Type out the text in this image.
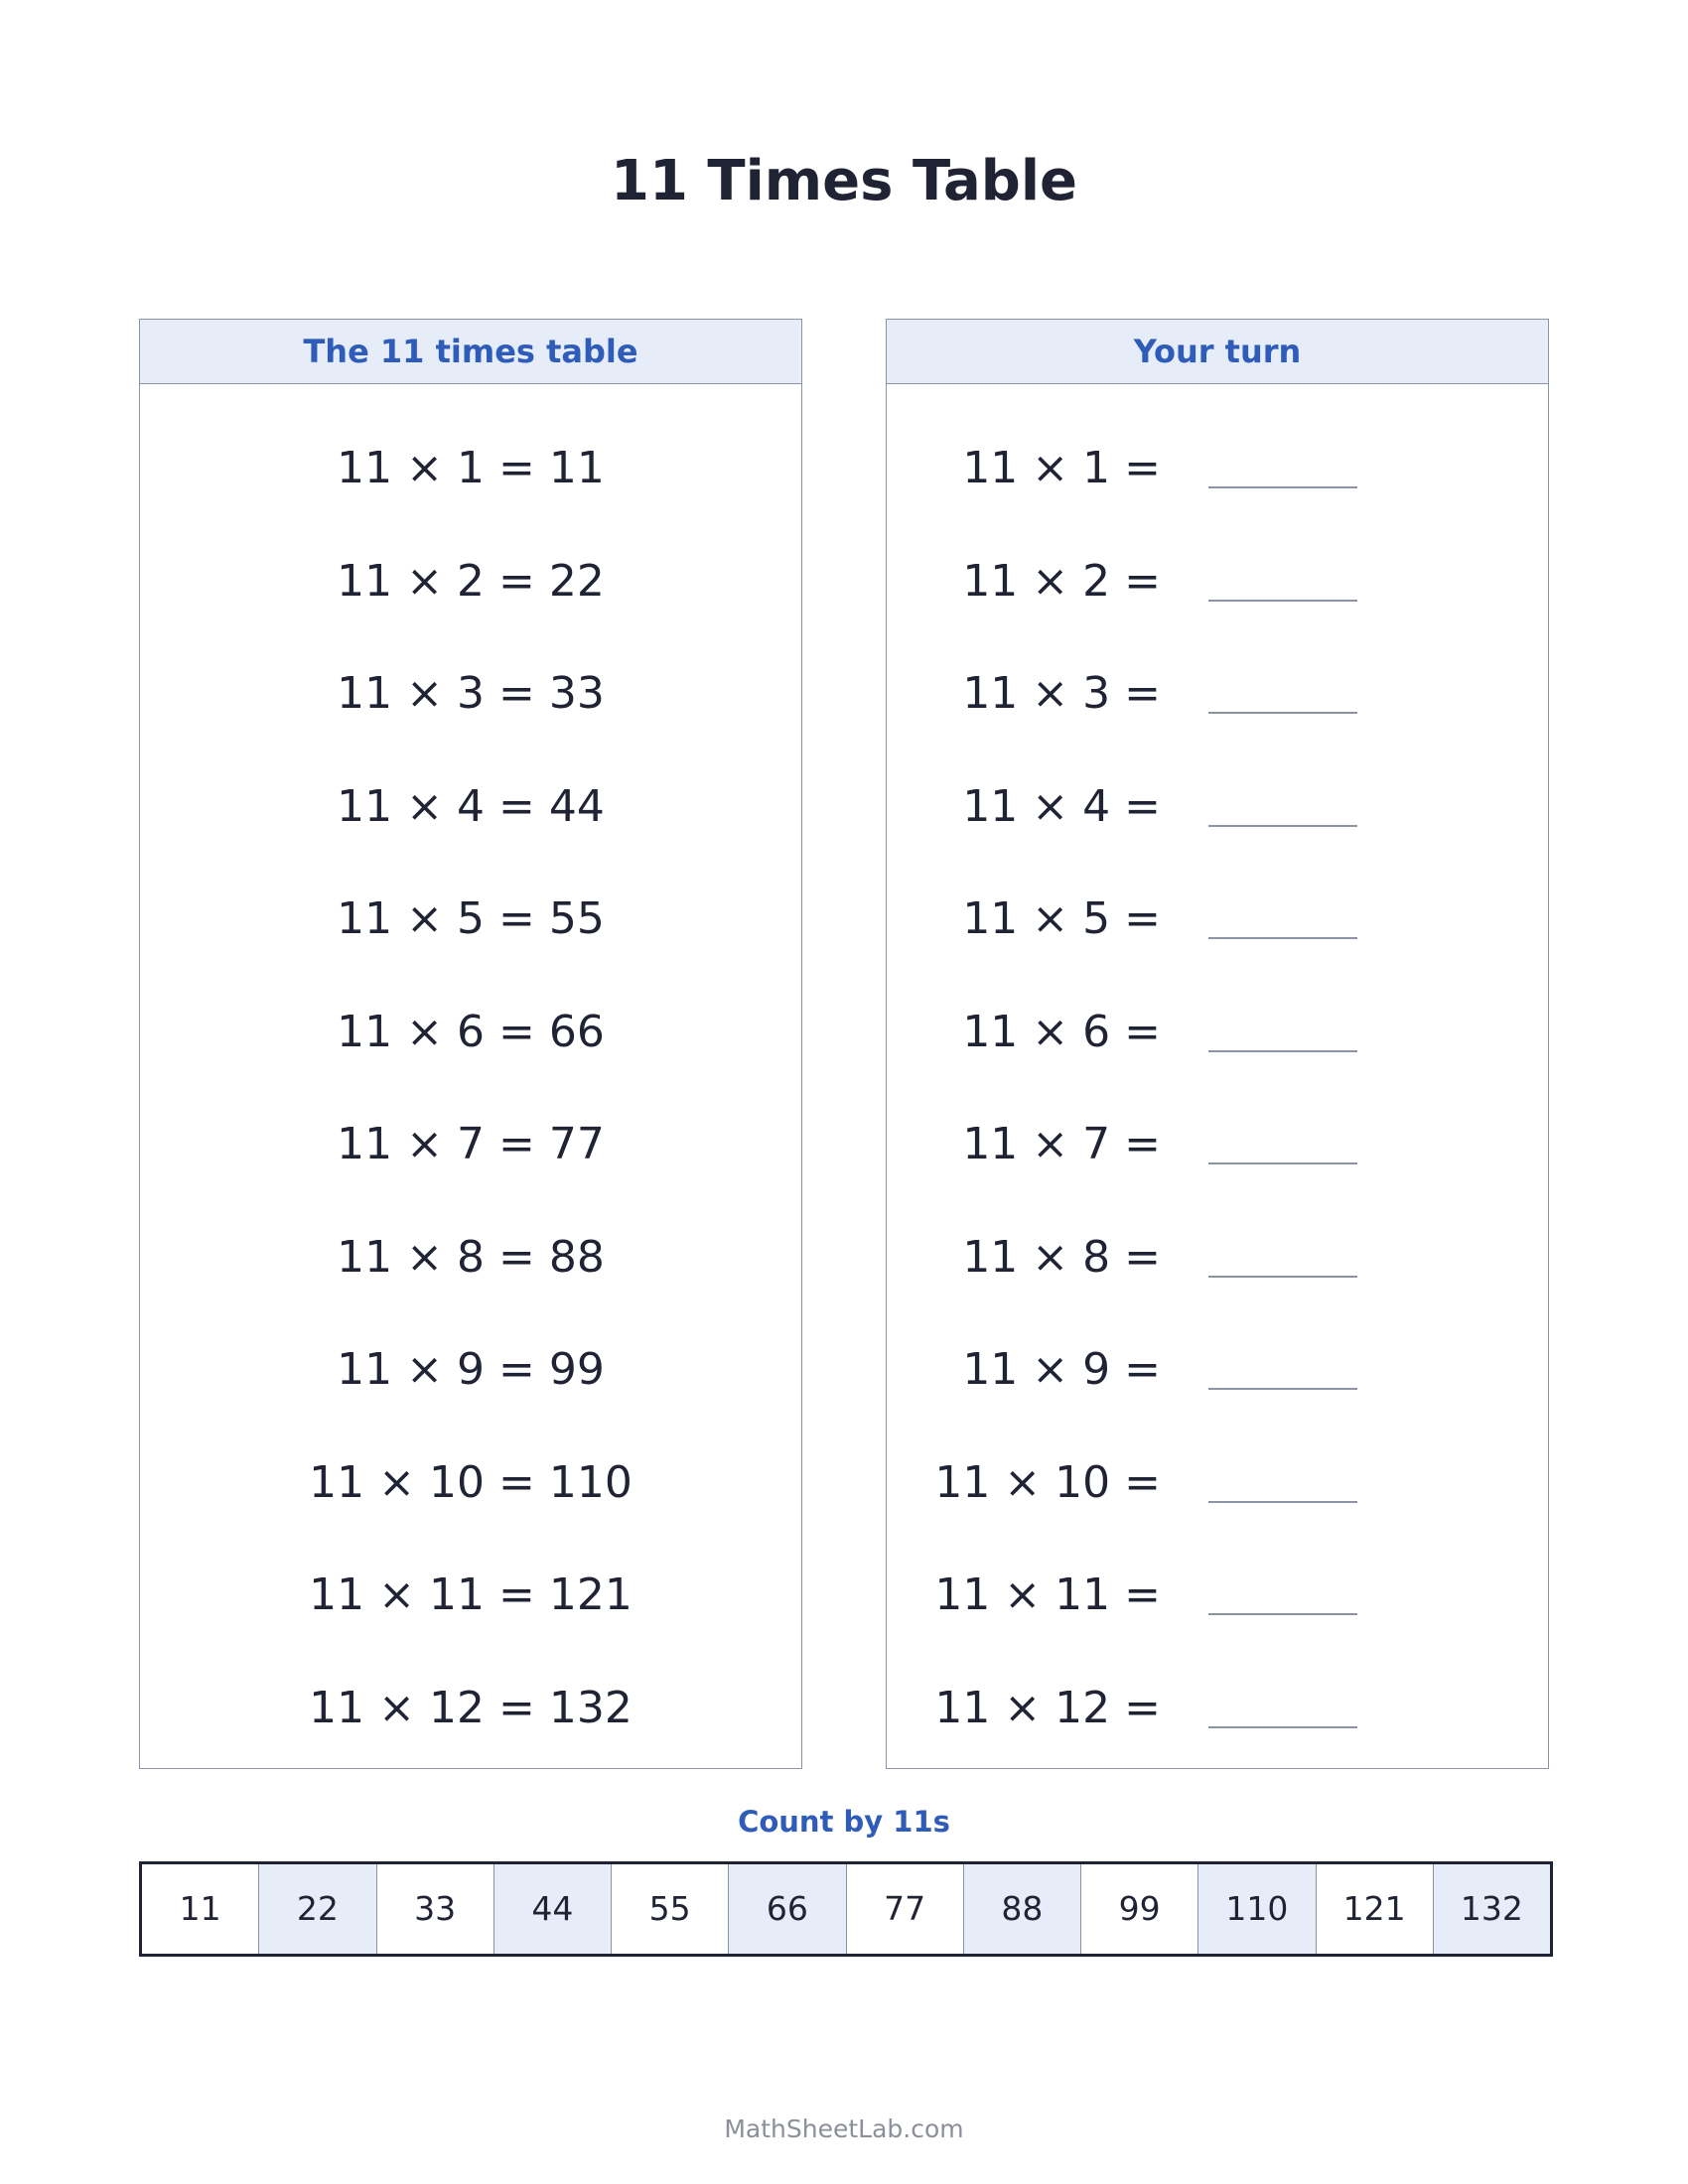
11 Times Table
The 11 times table
11 × 1 = 11
11 × 2 = 22
11 × 3 = 33
11 × 4 = 44
11 × 5 = 55
11 × 6 = 66
11 × 7 = 77
11 × 8 = 88
11 × 9 = 99
11 × 10 = 110
11 × 11 = 121
11 × 12 = 132
Your turn
11 × 1 =
11 × 2 =
11 × 3 =
11 × 4 =
11 × 5 =
11 × 6 =
11 × 7 =
11 × 8 =
11 × 9 =
11 × 10 =
11 × 11 =
11 × 12 =
Count by 11s
11	22	33	44	55	66	77	88	99	110	121	132
MathSheetLab.com
